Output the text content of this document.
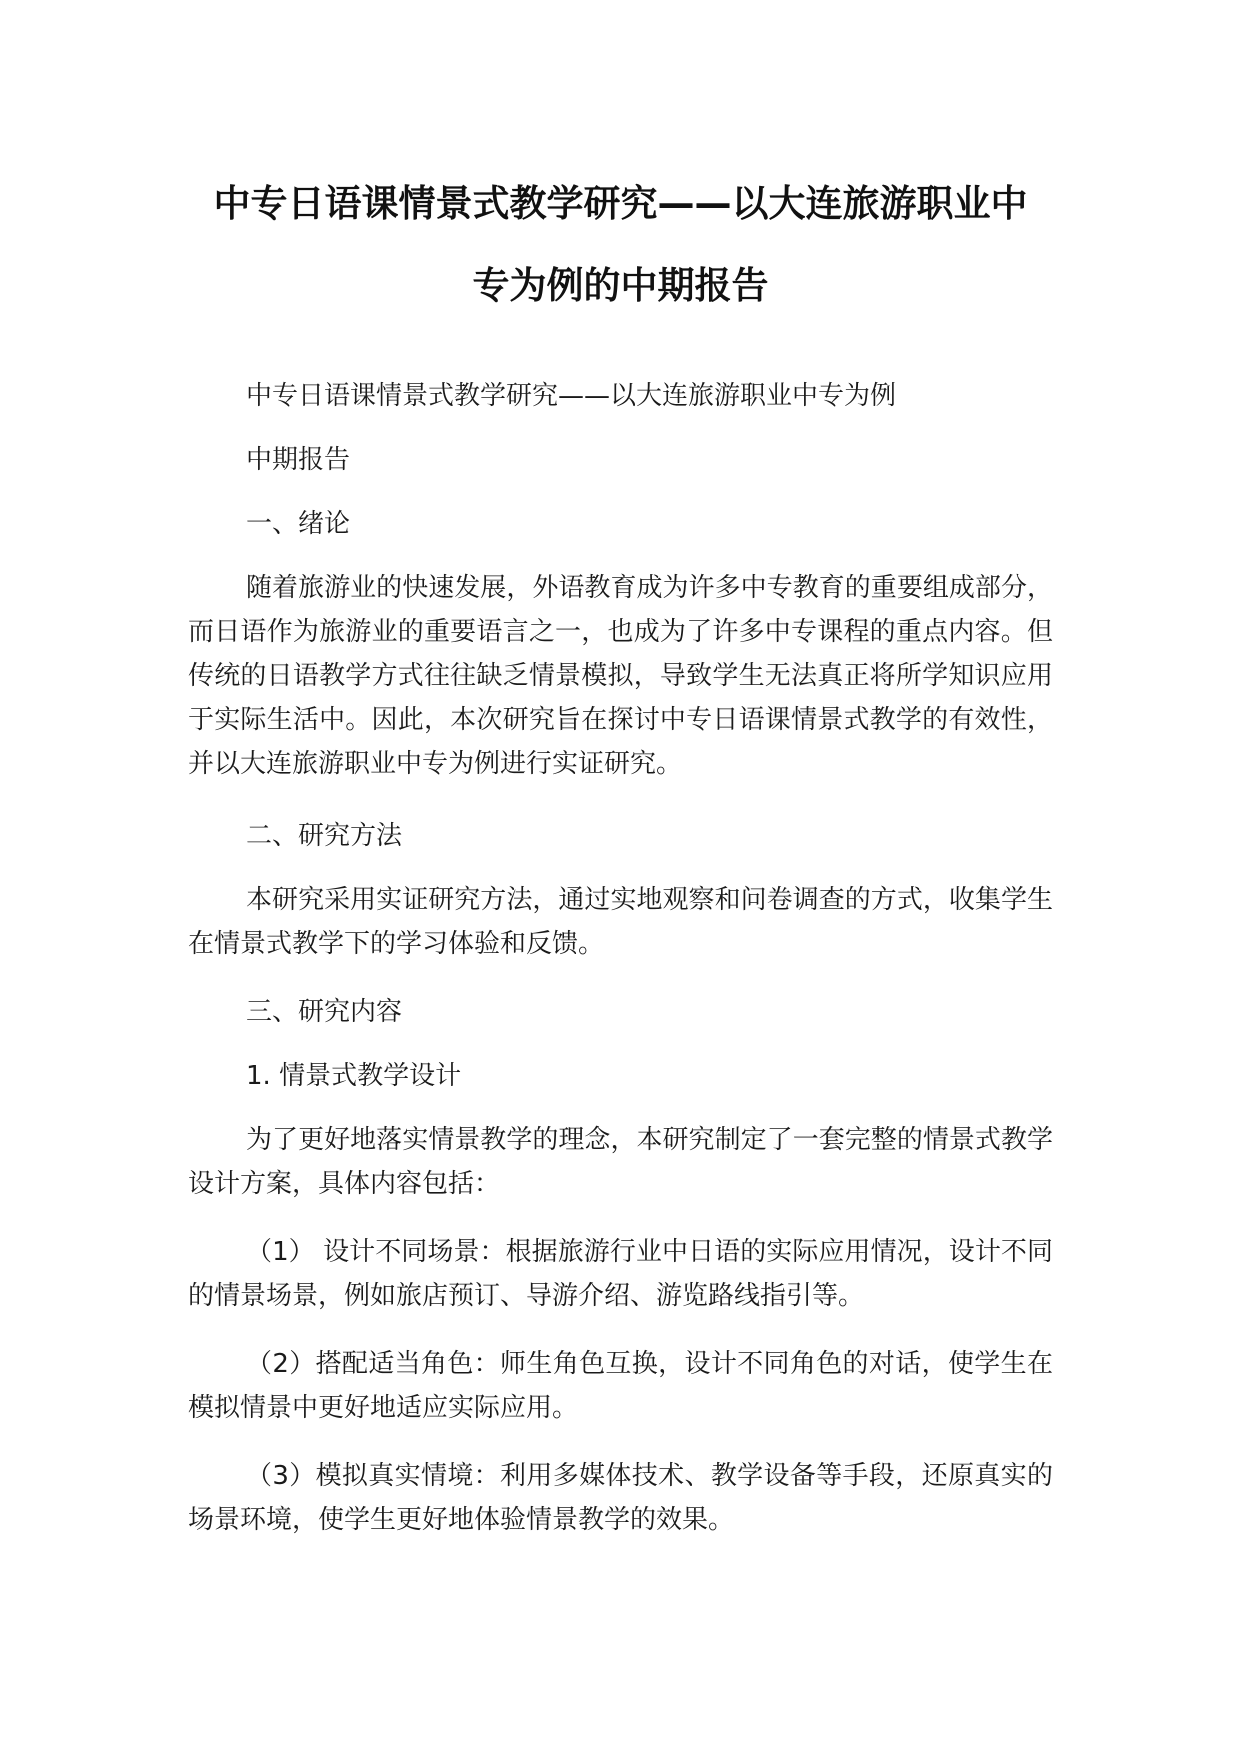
中专日语课情景式教学研究——以大连旅游职业中
专为例的中期报告

中专日语课情景式教学研究——以大连旅游职业中专为例

中期报告

一、绪论

随着旅游业的快速发展，外语教育成为许多中专教育的重要组成部分，而日语作为旅游业的重要语言之一，也成为了许多中专课程的重点内容。但传统的日语教学方式往往缺乏情景模拟，导致学生无法真正将所学知识应用于实际生活中。因此，本次研究旨在探讨中专日语课情景式教学的有效性，并以大连旅游职业中专为例进行实证研究。

二、研究方法

本研究采用实证研究方法，通过实地观察和问卷调查的方式，收集学生在情景式教学下的学习体验和反馈。

三、研究内容

1. 情景式教学设计

为了更好地落实情景教学的理念，本研究制定了一套完整的情景式教学设计方案，具体内容包括：

（1） 设计不同场景：根据旅游行业中日语的实际应用情况，设计不同的情景场景，例如旅店预订、导游介绍、游览路线指引等。

（2）搭配适当角色：师生角色互换，设计不同角色的对话，使学生在模拟情景中更好地适应实际应用。

（3）模拟真实情境：利用多媒体技术、教学设备等手段，还原真实的场景环境，使学生更好地体验情景教学的效果。
